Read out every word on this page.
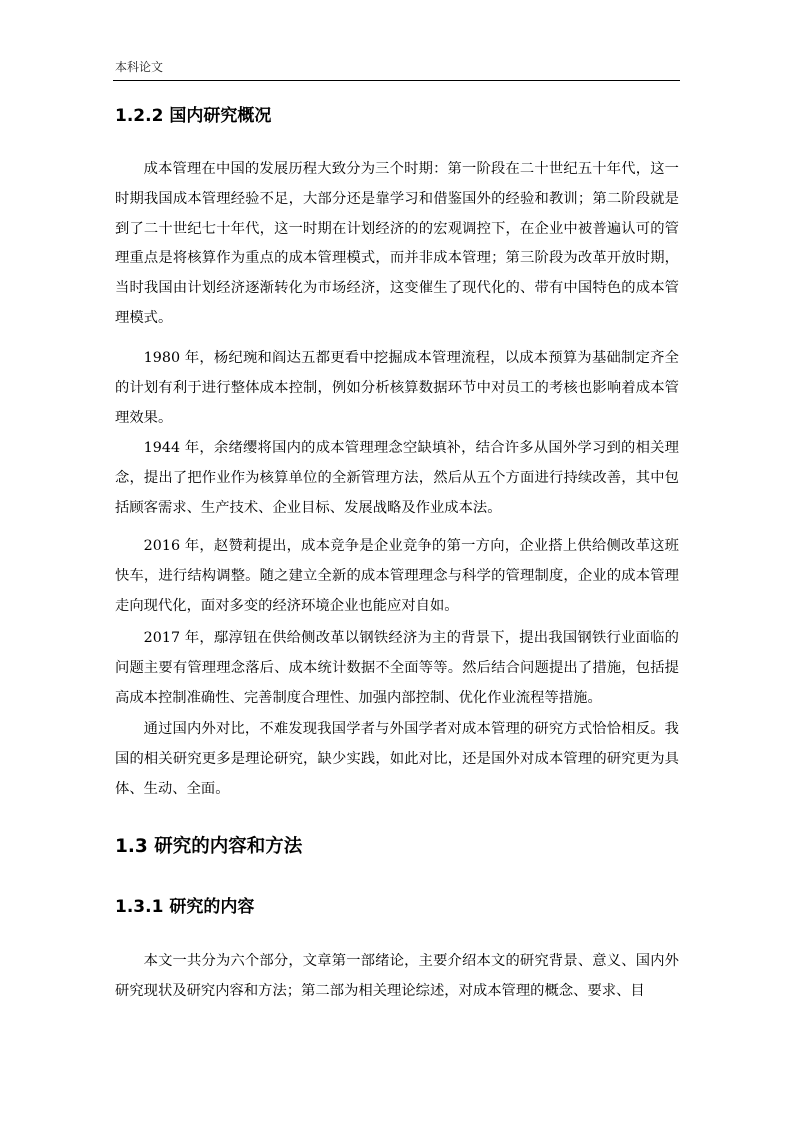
本科论文
1.2.2 国内研究概况

成本管理在中国的发展历程大致分为三个时期：第一阶段在二十世纪五十年代，这一时期我国成本管理经验不足，大部分还是靠学习和借鉴国外的经验和教训；第二阶段就是到了二十世纪七十年代，这一时期在计划经济的的宏观调控下，在企业中被普遍认可的管理重点是将核算作为重点的成本管理模式，而并非成本管理；第三阶段为改革开放时期，当时我国由计划经济逐渐转化为市场经济，这变催生了现代化的、带有中国特色的成本管理模式。

1980 年，杨纪琬和阎达五都更看中挖掘成本管理流程，以成本预算为基础制定齐全的计划有利于进行整体成本控制，例如分析核算数据环节中对员工的考核也影响着成本管理效果。

1944 年，余绪缨将国内的成本管理理念空缺填补，结合许多从国外学习到的相关理念，提出了把作业作为核算单位的全新管理方法，然后从五个方面进行持续改善，其中包括顾客需求、生产技术、企业目标、发展战略及作业成本法。

2016 年，赵赞莉提出，成本竞争是企业竞争的第一方向，企业搭上供给侧改革这班快车，进行结构调整。随之建立全新的成本管理理念与科学的管理制度，企业的成本管理走向现代化，面对多变的经济环境企业也能应对自如。

2017 年，鄢淳钮在供给侧改革以钢铁经济为主的背景下，提出我国钢铁行业面临的问题主要有管理理念落后、成本统计数据不全面等等。然后结合问题提出了措施，包括提高成本控制准确性、完善制度合理性、加强内部控制、优化作业流程等措施。

通过国内外对比，不难发现我国学者与外国学者对成本管理的研究方式恰恰相反。我国的相关研究更多是理论研究，缺少实践，如此对比，还是国外对成本管理的研究更为具体、生动、全面。

1.3 研究的内容和方法
1.3.1 研究的内容

本文一共分为六个部分，文章第一部绪论，主要介绍本文的研究背景、意义、国内外研究现状及研究内容和方法；第二部为相关理论综述，对成本管理的概念、要求、目
